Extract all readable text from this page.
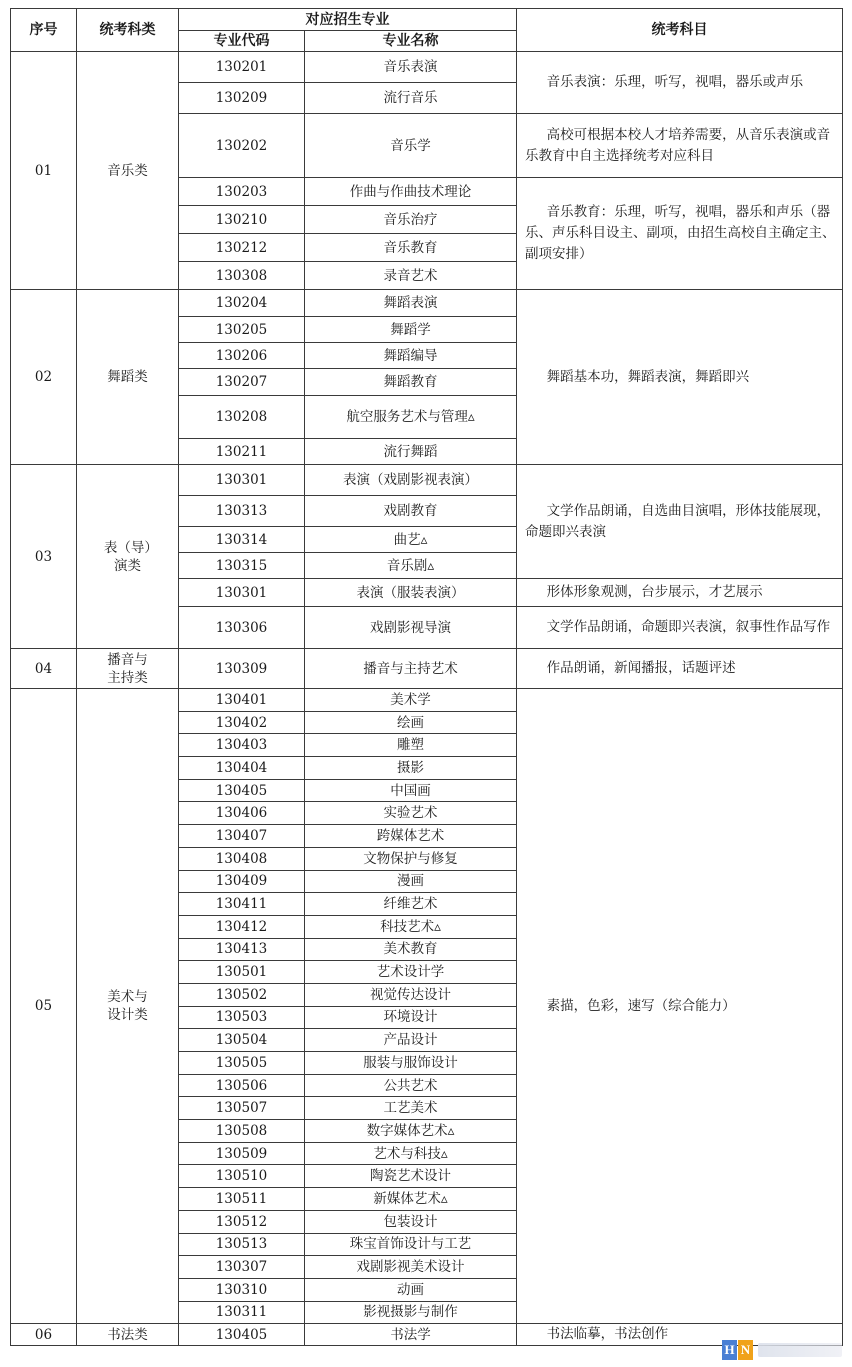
序号	统考科类	对应招生专业		统考科目
		专业代码	专业名称	
01	音乐类	130201	音乐表演	音乐表演：乐理，听写，视唱，器乐或声乐

		130209	流行音乐	
		130202	音乐学	高校可根据本校人才培养需要，从音乐表演或音乐教育中自主选择统考对应科目

		130203	作曲与作曲技术理论	音乐教育：乐理，听写，视唱，器乐和声乐（器乐、声乐科目设主、副项，由招生高校自主确定主、副项安排）

		130210	音乐治疗	
		130212	音乐教育	
		130308	录音艺术	
02	舞蹈类	130204	舞蹈表演	舞蹈基本功，舞蹈表演，舞蹈即兴

		130205	舞蹈学	
		130206	舞蹈编导	
		130207	舞蹈教育	
		130208	航空服务艺术与管理▵	
		130211	流行舞蹈	
03	表（导）演类	130301	表演（戏剧影视表演）	文学作品朗诵，自选曲目演唱，形体技能展现，命题即兴表演

		130313	戏剧教育	
		130314	曲艺▵	
		130315	音乐剧▵	
		130301	表演（服装表演）	形体形象观测，台步展示，才艺展示

		130306	戏剧影视导演	文学作品朗诵，命题即兴表演，叙事性作品写作

04	播音与主持类	130309	播音与主持艺术	作品朗诵，新闻播报，话题评述

05	美术与设计类	130401	美术学	素描，色彩，速写（综合能力）

		130402	绘画	
		130403	雕塑	
		130404	摄影	
		130405	中国画	
		130406	实验艺术	
		130407	跨媒体艺术	
		130408	文物保护与修复	
		130409	漫画	
		130411	纤维艺术	
		130412	科技艺术▵	
		130413	美术教育	
		130501	艺术设计学	
		130502	视觉传达设计	
		130503	环境设计	
		130504	产品设计	
		130505	服装与服饰设计	
		130506	公共艺术	
		130507	工艺美术	
		130508	数字媒体艺术▵	
		130509	艺术与科技▵	
		130510	陶瓷艺术设计	
		130511	新媒体艺术▵	
		130512	包装设计	
		130513	珠宝首饰设计与工艺	
		130307	戏剧影视美术设计	
		130310	动画	
		130311	影视摄影与制作	
06	书法类	130405	书法学	书法临摹，书法创作
H N
